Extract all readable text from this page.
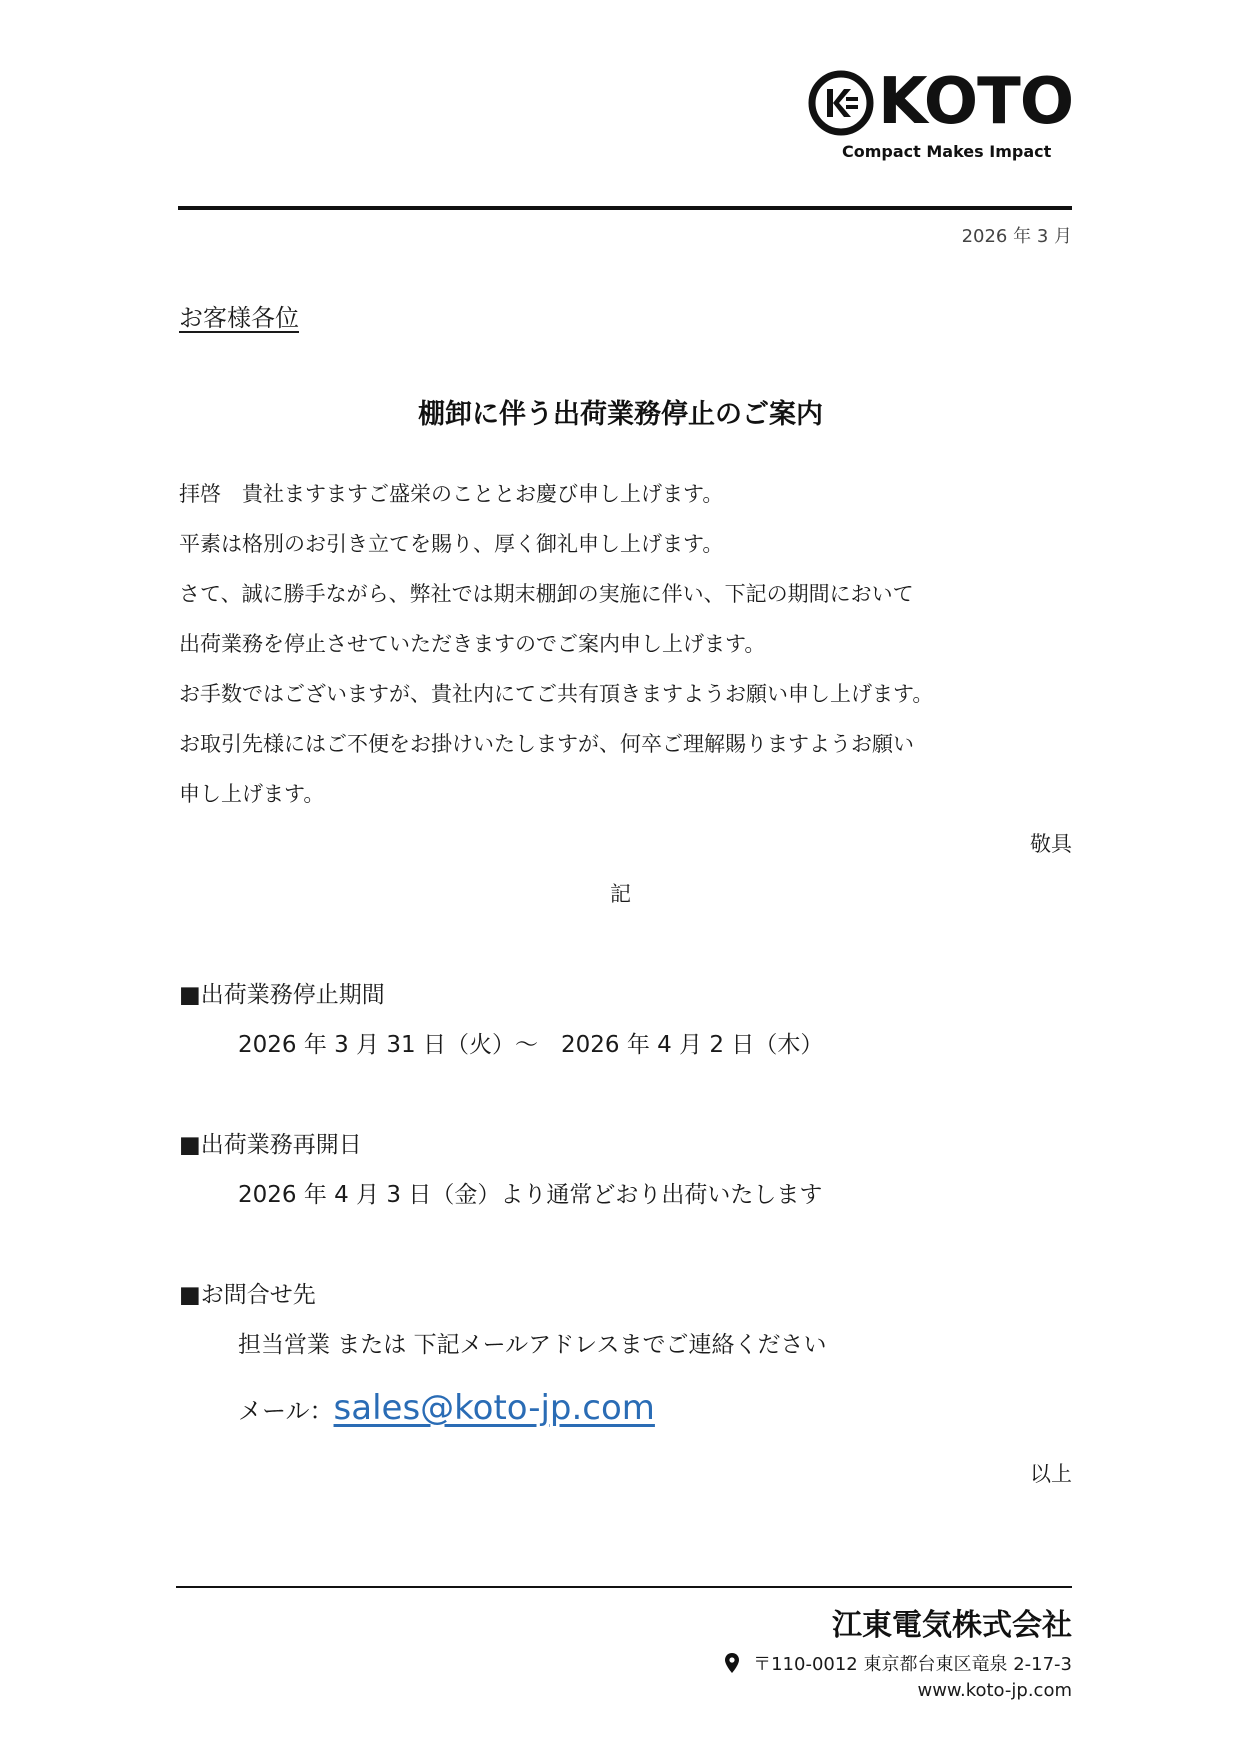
KOTO
Compact Makes Impact
2026 年 3 月
お客様各位
棚卸に伴う出荷業務停止のご案内
拝啓　貴社ますますご盛栄のこととお慶び申し上げます。
平素は格別のお引き立てを賜り、厚く御礼申し上げます。
さて、誠に勝手ながら、弊社では期末棚卸の実施に伴い、下記の期間において
出荷業務を停止させていただきますのでご案内申し上げます。
お手数ではございますが、貴社内にてご共有頂きますようお願い申し上げます。
お取引先様にはご不便をお掛けいたしますが、何卒ご理解賜りますようお願い
申し上げます。
敬具
記
■出荷業務停止期間
2026 年 3 月 31 日（火）～　2026 年 4 月 2 日（木）
■出荷業務再開日
2026 年 4 月 3 日（金）より通常どおり出荷いたします
■お問合せ先
担当営業 または 下記メールアドレスまでご連絡ください
メール：sales@koto-jp.com
以上
江東電気株式会社
〒110-0012 東京都台東区竜泉 2-17-3
www.koto-jp.com
